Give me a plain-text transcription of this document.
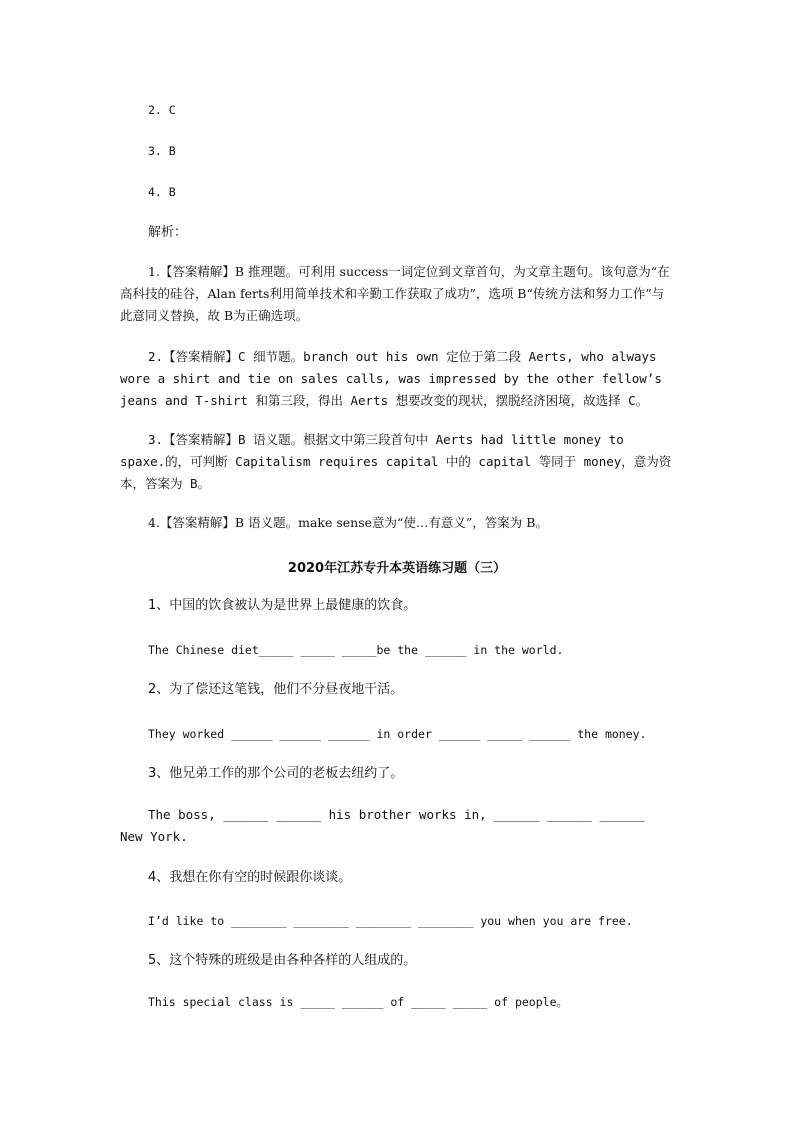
2. C
3. B
4. B
解析：
1.【答案精解】B 推理题。可利用 success一词定位到文章首句，为文章主题句。该句意为“在高科技的硅谷，Alan ferts利用简单技术和辛勤工作获取了成功”，选项 B“传统方法和努力工作”与此意同义替换，故 B为正确选项。
2.【答案精解】C 细节题。branch out his own 定位于第二段 Aerts, who always wore a shirt and tie on sales calls, was impressed by the other fellow’s jeans and T-shirt 和第三段，得出 Aerts 想要改变的现状，摆脱经济困境，故选择 C。
3.【答案精解】B 语义题。根据文中第三段首句中 Aerts had little money to spaxe.的，可判断 Capitalism requires capital 中的 capital 等同于 money，意为资本，答案为 B。
4.【答案精解】B 语义题。make sense意为“使…有意义”，答案为 B。
2020年江苏专升本英语练习题（三）
1、中国的饮食被认为是世界上最健康的饮食。
The Chinese diet_____ _____ _____be the ______ in the world.
2、为了偿还这笔钱，他们不分昼夜地干活。
They worked ______ ______ ______ in order ______ _____ ______ the money.
3、他兄弟工作的那个公司的老板去纽约了。
The boss, ______ ______ his brother works in, ______ ______ ______ New York.
4、我想在你有空的时候跟你谈谈。
I’d like to ________ ________ ________ ________ you when you are free.
5、这个特殊的班级是由各种各样的人组成的。
This special class is _____ ______ of _____ _____ of people。
